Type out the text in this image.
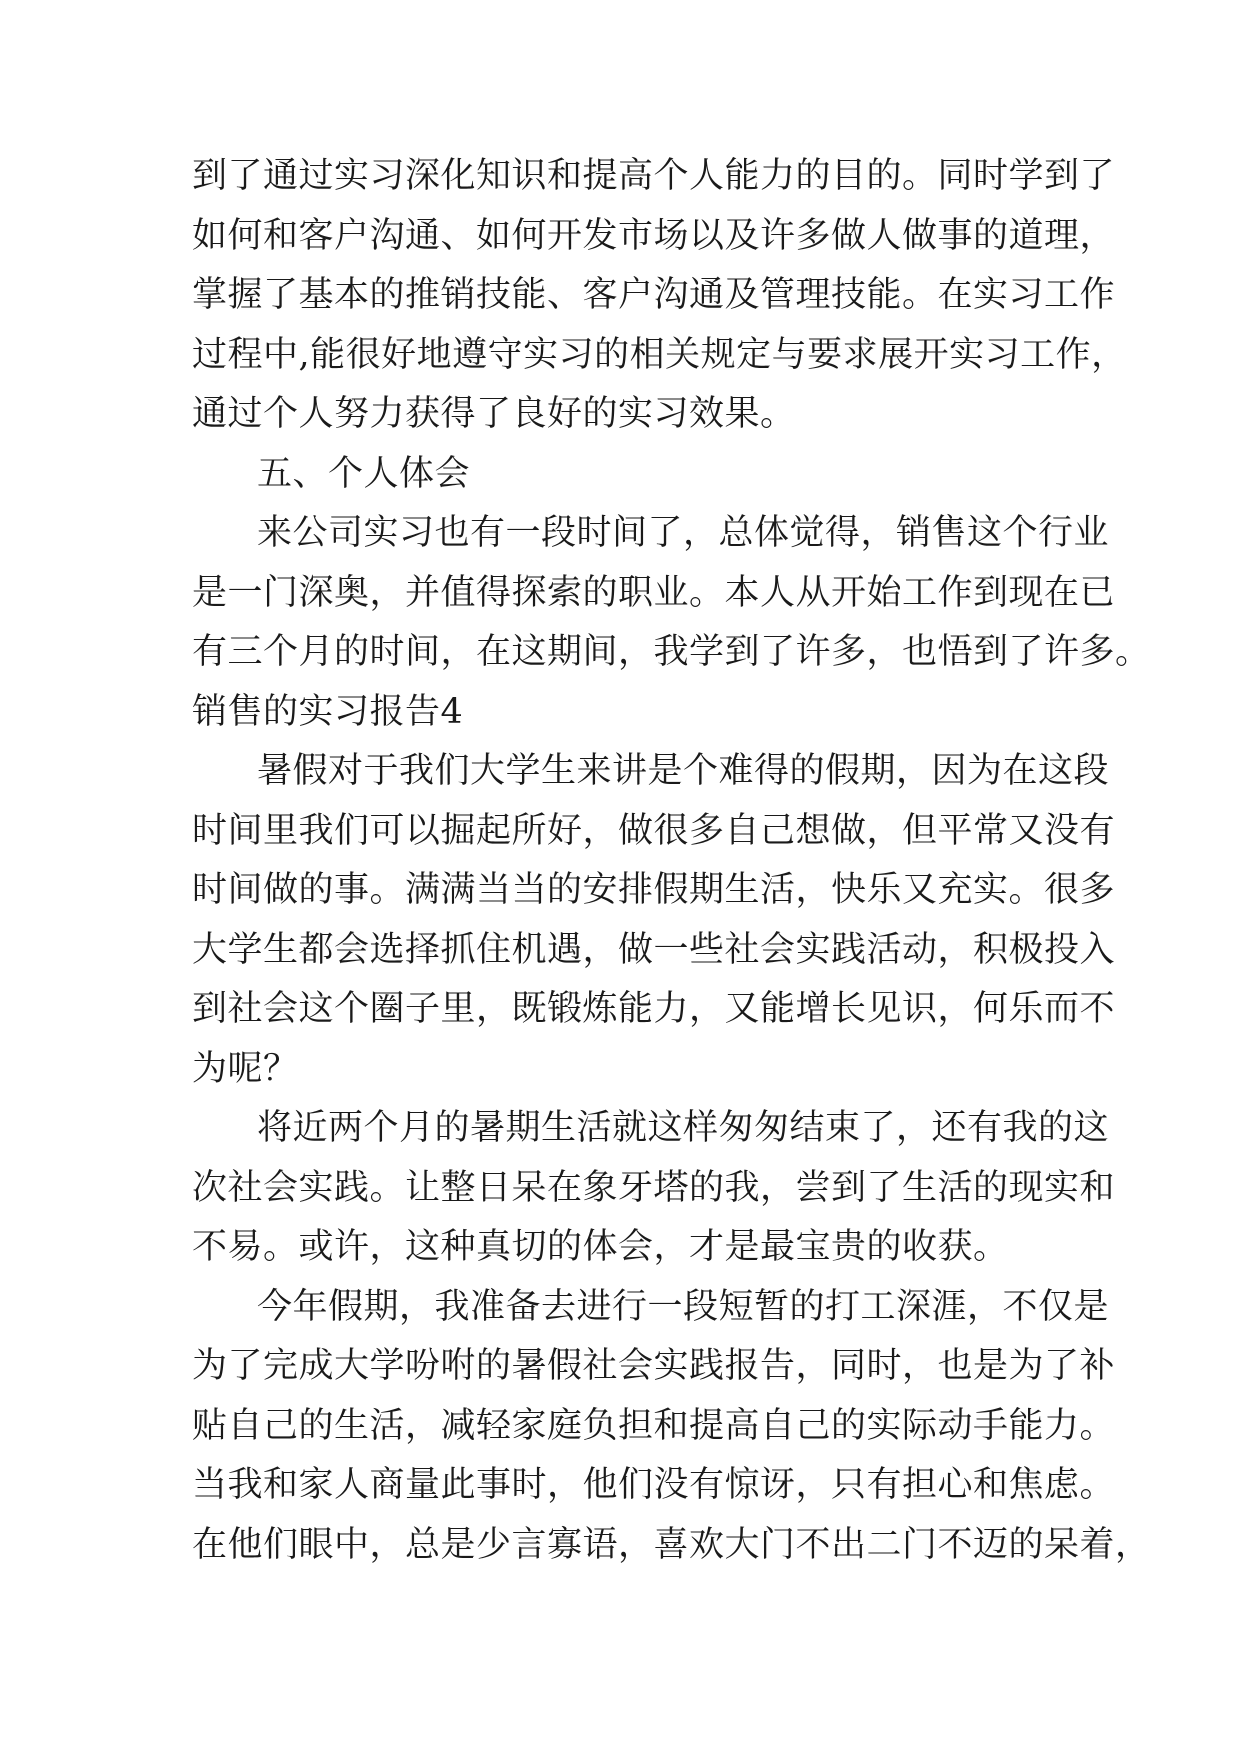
到了通过实习深化知识和提高个人能力的目的。同时学到了
如何和客户沟通、如何开发市场以及许多做人做事的道理，
掌握了基本的推销技能、客户沟通及管理技能。在实习工作
过程中,能很好地遵守实习的相关规定与要求展开实习工作，
通过个人努力获得了良好的实习效果。
五、个人体会
来公司实习也有一段时间了，总体觉得，销售这个行业
是一门深奥，并值得探索的职业。本人从开始工作到现在已
有三个月的时间，在这期间，我学到了许多，也悟到了许多。
销售的实习报告4
暑假对于我们大学生来讲是个难得的假期，因为在这段
时间里我们可以掘起所好，做很多自己想做，但平常又没有
时间做的事。满满当当的安排假期生活，快乐又充实。很多
大学生都会选择抓住机遇，做一些社会实践活动，积极投入
到社会这个圈子里，既锻炼能力，又能增长见识，何乐而不
为呢？
将近两个月的暑期生活就这样匆匆结束了，还有我的这
次社会实践。让整日呆在象牙塔的我，尝到了生活的现实和
不易。或许，这种真切的体会，才是最宝贵的收获。
今年假期，我准备去进行一段短暂的打工深涯，不仅是
为了完成大学吩咐的暑假社会实践报告，同时，也是为了补
贴自己的生活，减轻家庭负担和提高自己的实际动手能力。
当我和家人商量此事时，他们没有惊讶，只有担心和焦虑。
在他们眼中，总是少言寡语，喜欢大门不出二门不迈的呆着，
